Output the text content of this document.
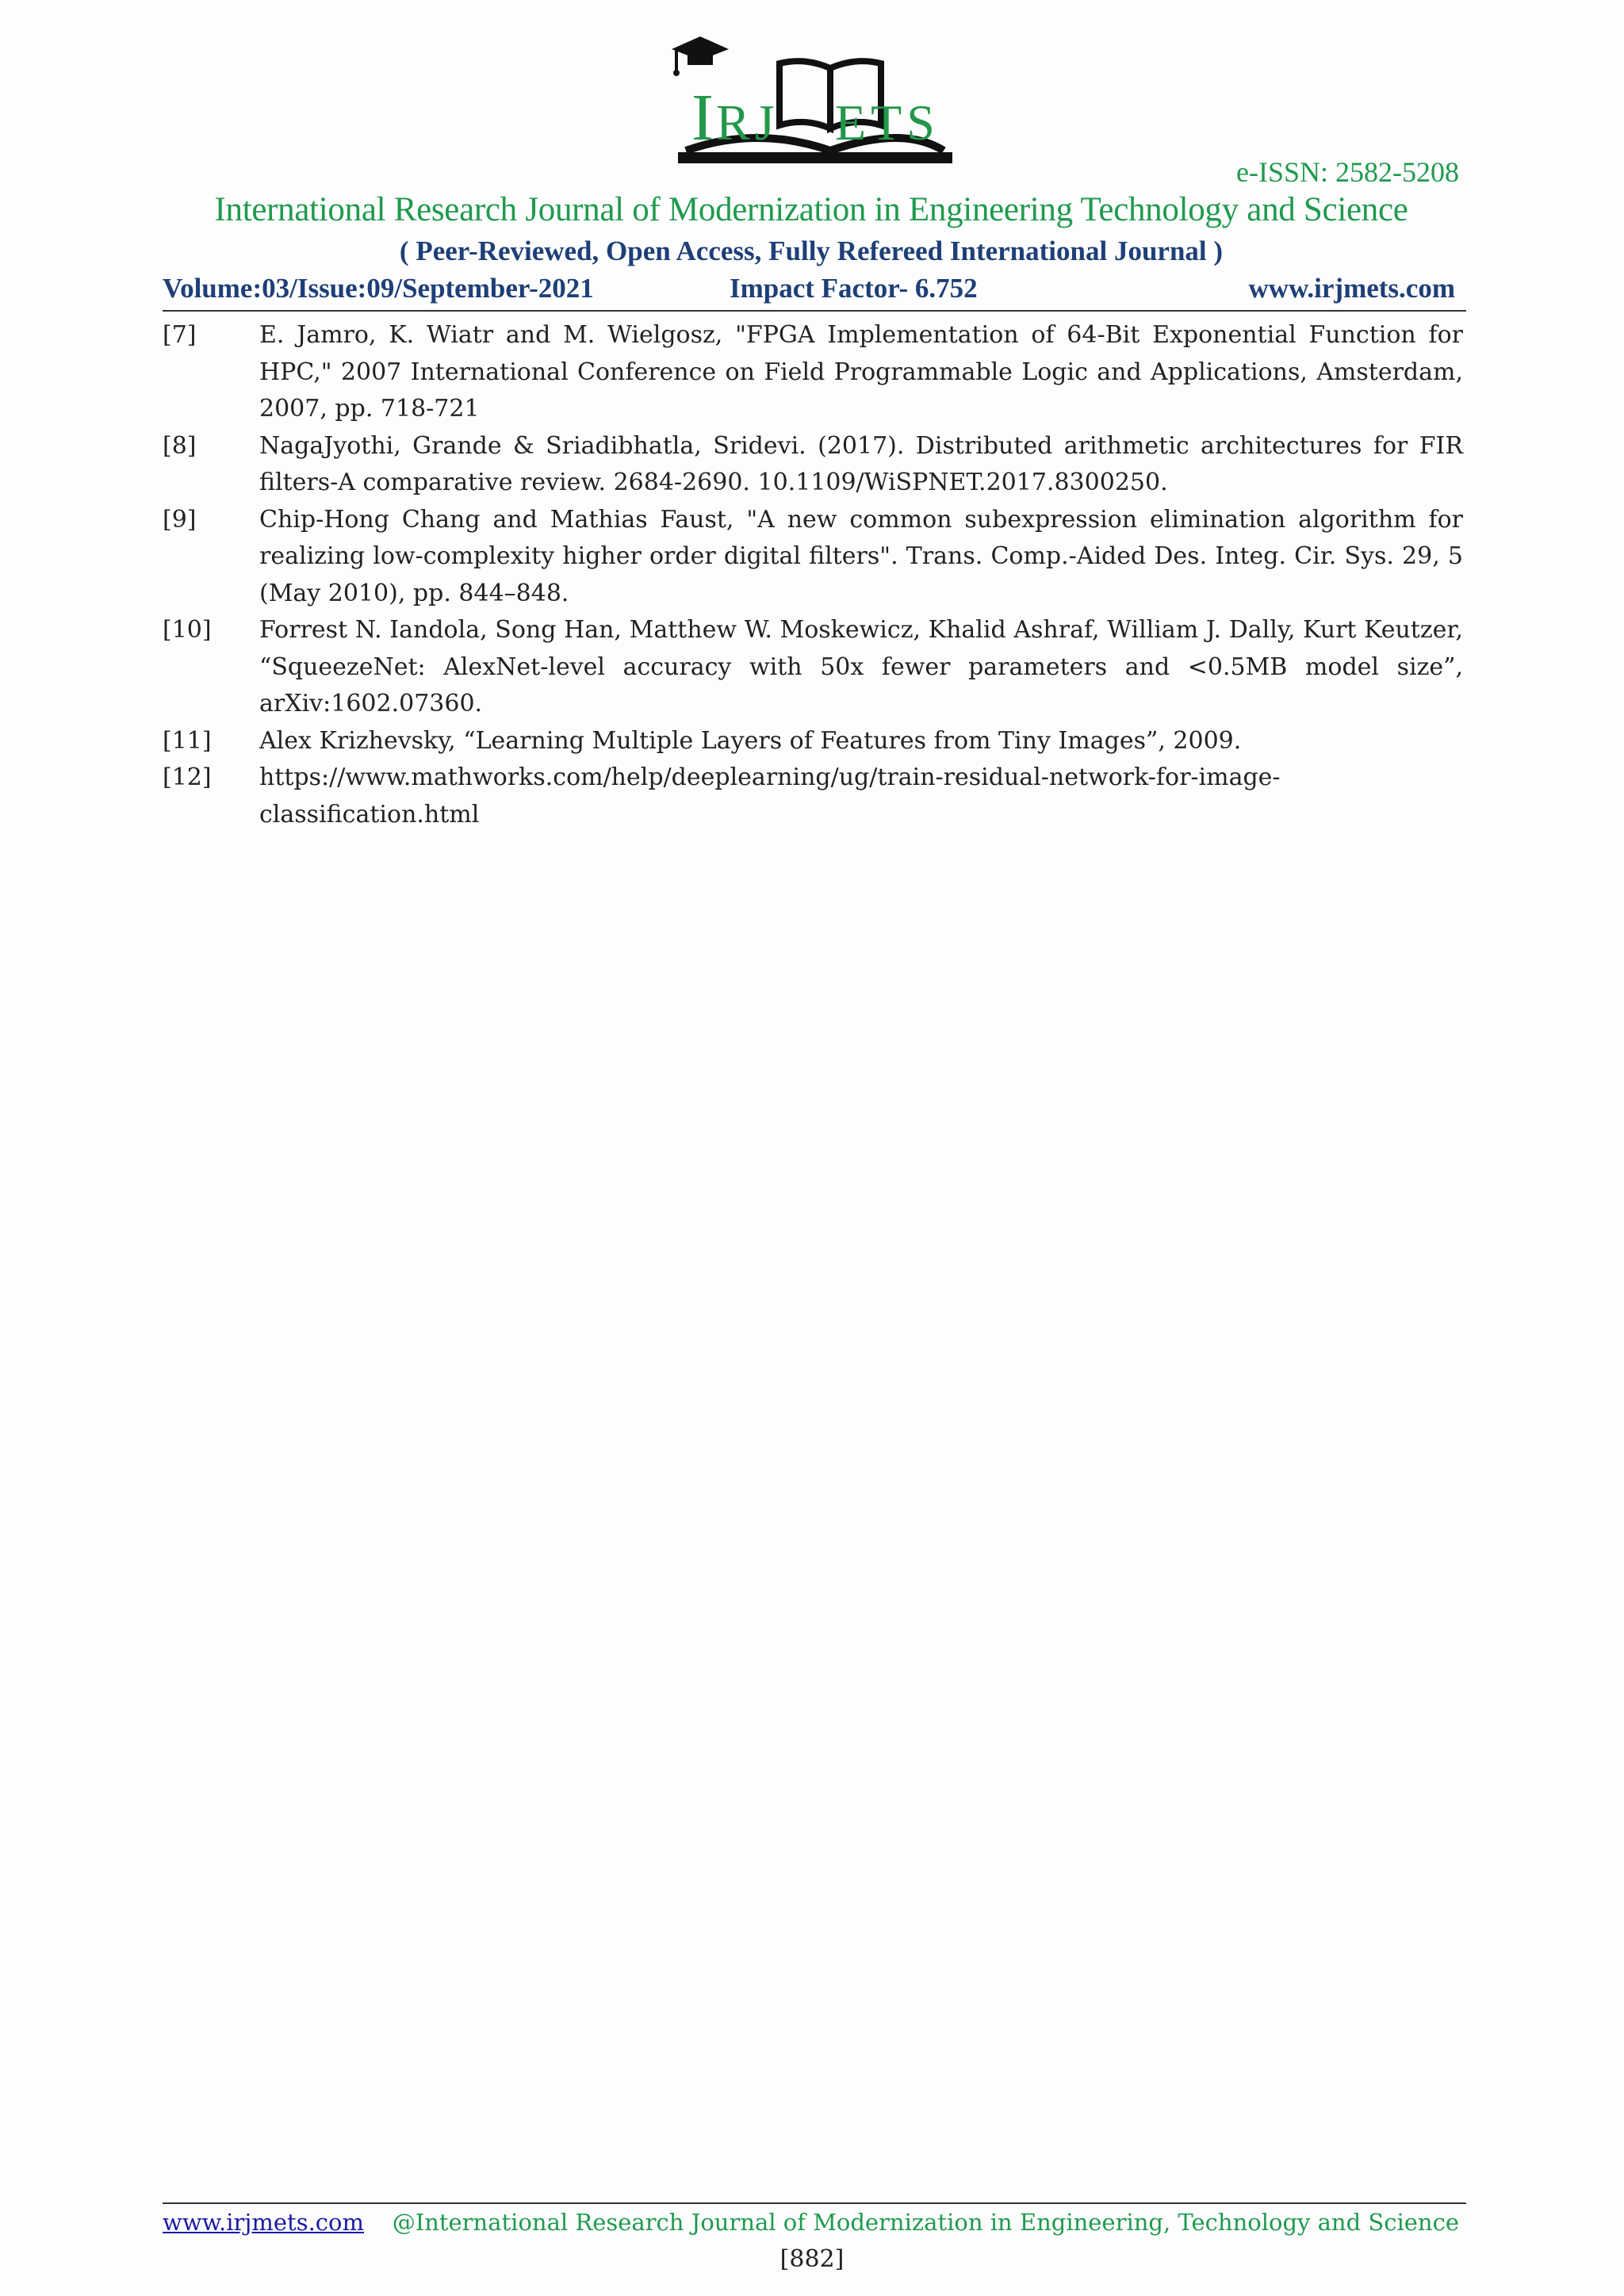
I
RJ ETS
e-ISSN: 2582-5208
International Research Journal of Modernization in Engineering Technology and Science
( Peer-Reviewed, Open Access, Fully Refereed International Journal )
Volume:03/Issue:09/September-2021	Impact Factor- 6.752	www.irjmets.com
[7]	E. Jamro, K. Wiatr and M. Wielgosz, "FPGA Implementation of 64-Bit Exponential Function for HPC," 2007 International Conference on Field Programmable Logic and Applications, Amsterdam, 2007, pp. 718-721
[8]	NagaJyothi, Grande & Sriadibhatla, Sridevi. (2017). Distributed arithmetic architectures for FIR filters-A comparative review. 2684-2690. 10.1109/WiSPNET.2017.8300250.
[9]	Chip-Hong Chang and Mathias Faust, "A new common subexpression elimination algorithm for realizing low-complexity higher order digital filters". Trans. Comp.-Aided Des. Integ. Cir. Sys. 29, 5 (May 2010), pp. 844–848.
[10]	Forrest N. Iandola, Song Han, Matthew W. Moskewicz, Khalid Ashraf, William J. Dally, Kurt Keutzer, “SqueezeNet: AlexNet-level accuracy with 50x fewer parameters and <0.5MB model size”, arXiv:1602.07360.
[11]	Alex Krizhevsky, “Learning Multiple Layers of Features from Tiny Images”, 2009.
[12]	https://www.mathworks.com/help/deeplearning/ug/train-residual-network-for-image-classification.html
www.irjmets.com @International Research Journal of Modernization in Engineering, Technology and Science
[882]
